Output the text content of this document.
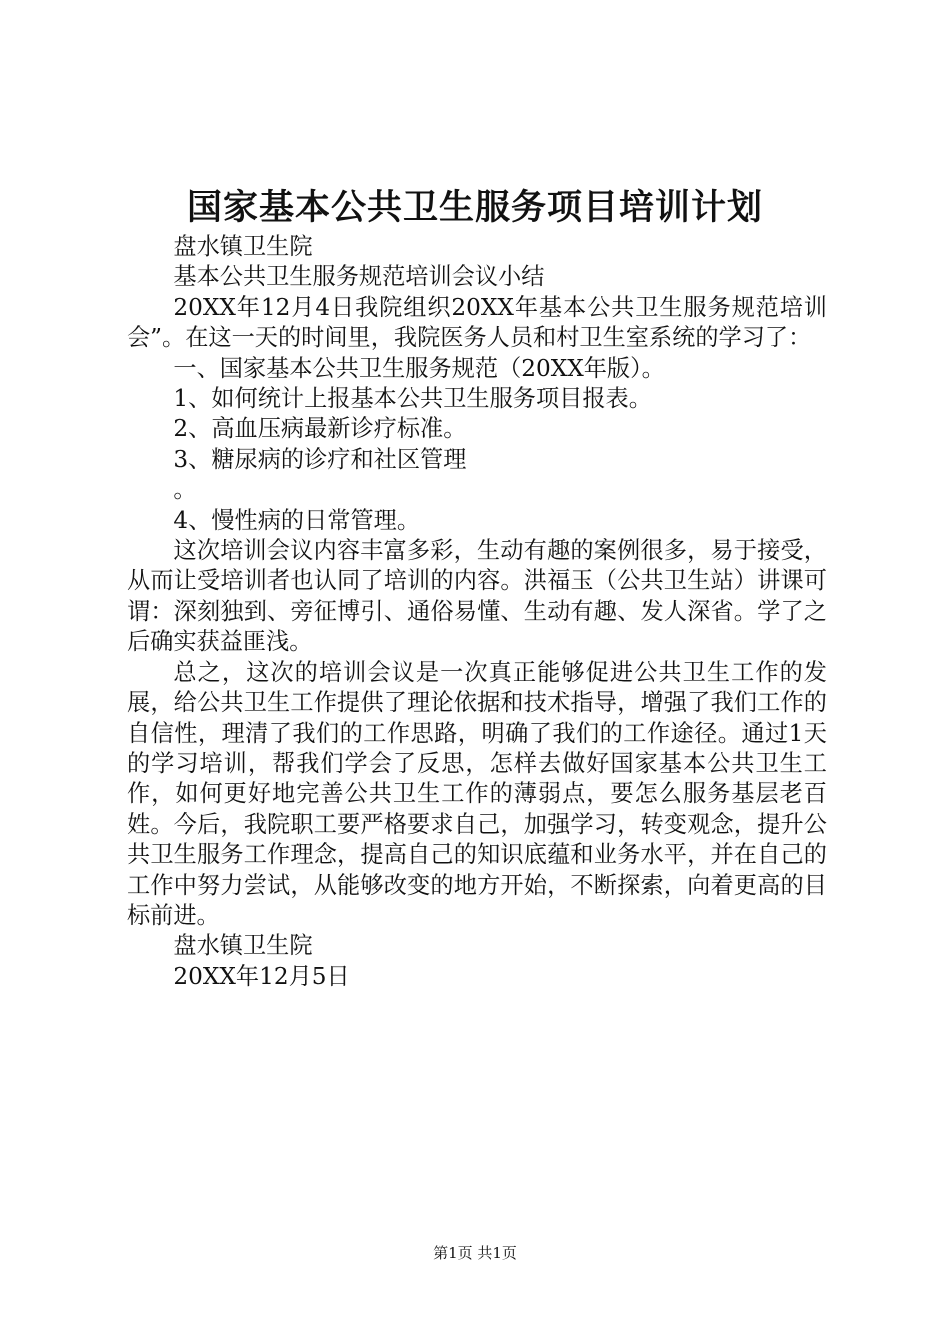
国家基本公共卫生服务项目培训计划

盘水镇卫生院

基本公共卫生服务规范培训会议小结

20XX年12月4日我院组织20XX年基本公共卫生服务规范培训会”。在这一天的时间里，我院医务人员和村卫生室系统的学习了：

一、国家基本公共卫生服务规范（20XX年版）。

1、如何统计上报基本公共卫生服务项目报表。

2、高血压病最新诊疗标准。

3、糖尿病的诊疗和社区管理

。

4、慢性病的日常管理。

这次培训会议内容丰富多彩，生动有趣的案例很多，易于接受，从而让受培训者也认同了培训的内容。洪福玉（公共卫生站）讲课可谓：深刻独到、旁征博引、通俗易懂、生动有趣、发人深省。学了之后确实获益匪浅。

总之，这次的培训会议是一次真正能够促进公共卫生工作的发展，给公共卫生工作提供了理论依据和技术指导，增强了我们工作的自信性，理清了我们的工作思路，明确了我们的工作途径。通过1天的学习培训，帮我们学会了反思，怎样去做好国家基本公共卫生工作，如何更好地完善公共卫生工作的薄弱点，要怎么服务基层老百姓。今后，我院职工要严格要求自己，加强学习，转变观念，提升公共卫生服务工作理念，提高自己的知识底蕴和业务水平，并在自己的工作中努力尝试，从能够改变的地方开始，不断探索，向着更高的目标前进。

盘水镇卫生院

20XX年12月5日

第1页 共1页
